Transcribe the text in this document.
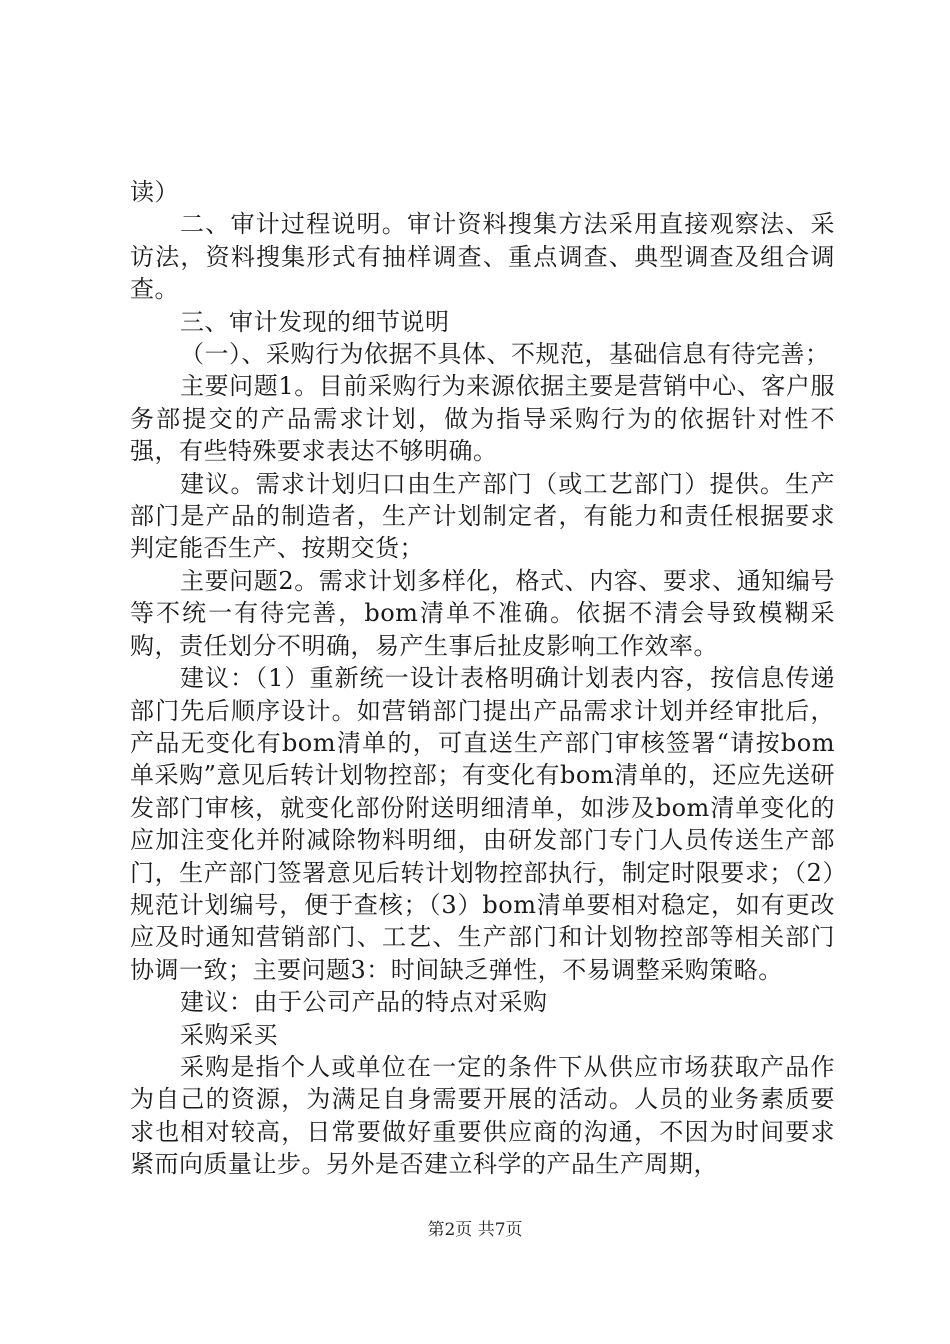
读）

二、审计过程说明。审计资料搜集方法采用直接观察法、采访法，资料搜集形式有抽样调查、重点调查、典型调查及组合调查。

三、审计发现的细节说明

（一）、采购行为依据不具体、不规范，基础信息有待完善；

主要问题1。目前采购行为来源依据主要是营销中心、客户服务部提交的产品需求计划，做为指导采购行为的依据针对性不强，有些特殊要求表达不够明确。

建议。需求计划归口由生产部门（或工艺部门）提供。生产部门是产品的制造者，生产计划制定者，有能力和责任根据要求判定能否生产、按期交货；

主要问题2。需求计划多样化，格式、内容、要求、通知编号等不统一有待完善，bom清单不准确。依据不清会导致模糊采购，责任划分不明确，易产生事后扯皮影响工作效率。

建议：（1）重新统一设计表格明确计划表内容，按信息传递部门先后顺序设计。如营销部门提出产品需求计划并经审批后，产品无变化有bom清单的，可直送生产部门审核签署“请按bom单采购”意见后转计划物控部；有变化有bom清单的，还应先送研发部门审核，就变化部份附送明细清单，如涉及bom清单变化的应加注变化并附减除物料明细，由研发部门专门人员传送生产部门，生产部门签署意见后转计划物控部执行，制定时限要求；（2）规范计划编号，便于查核；（3）bom清单要相对稳定，如有更改应及时通知营销部门、工艺、生产部门和计划物控部等相关部门协调一致；主要问题3：时间缺乏弹性，不易调整采购策略。

建议：由于公司产品的特点对采购

采购采买

采购是指个人或单位在一定的条件下从供应市场获取产品作为自己的资源，为满足自身需要开展的活动。人员的业务素质要求也相对较高，日常要做好重要供应商的沟通，不因为时间要求紧而向质量让步。另外是否建立科学的产品生产周期，

第2页 共7页
